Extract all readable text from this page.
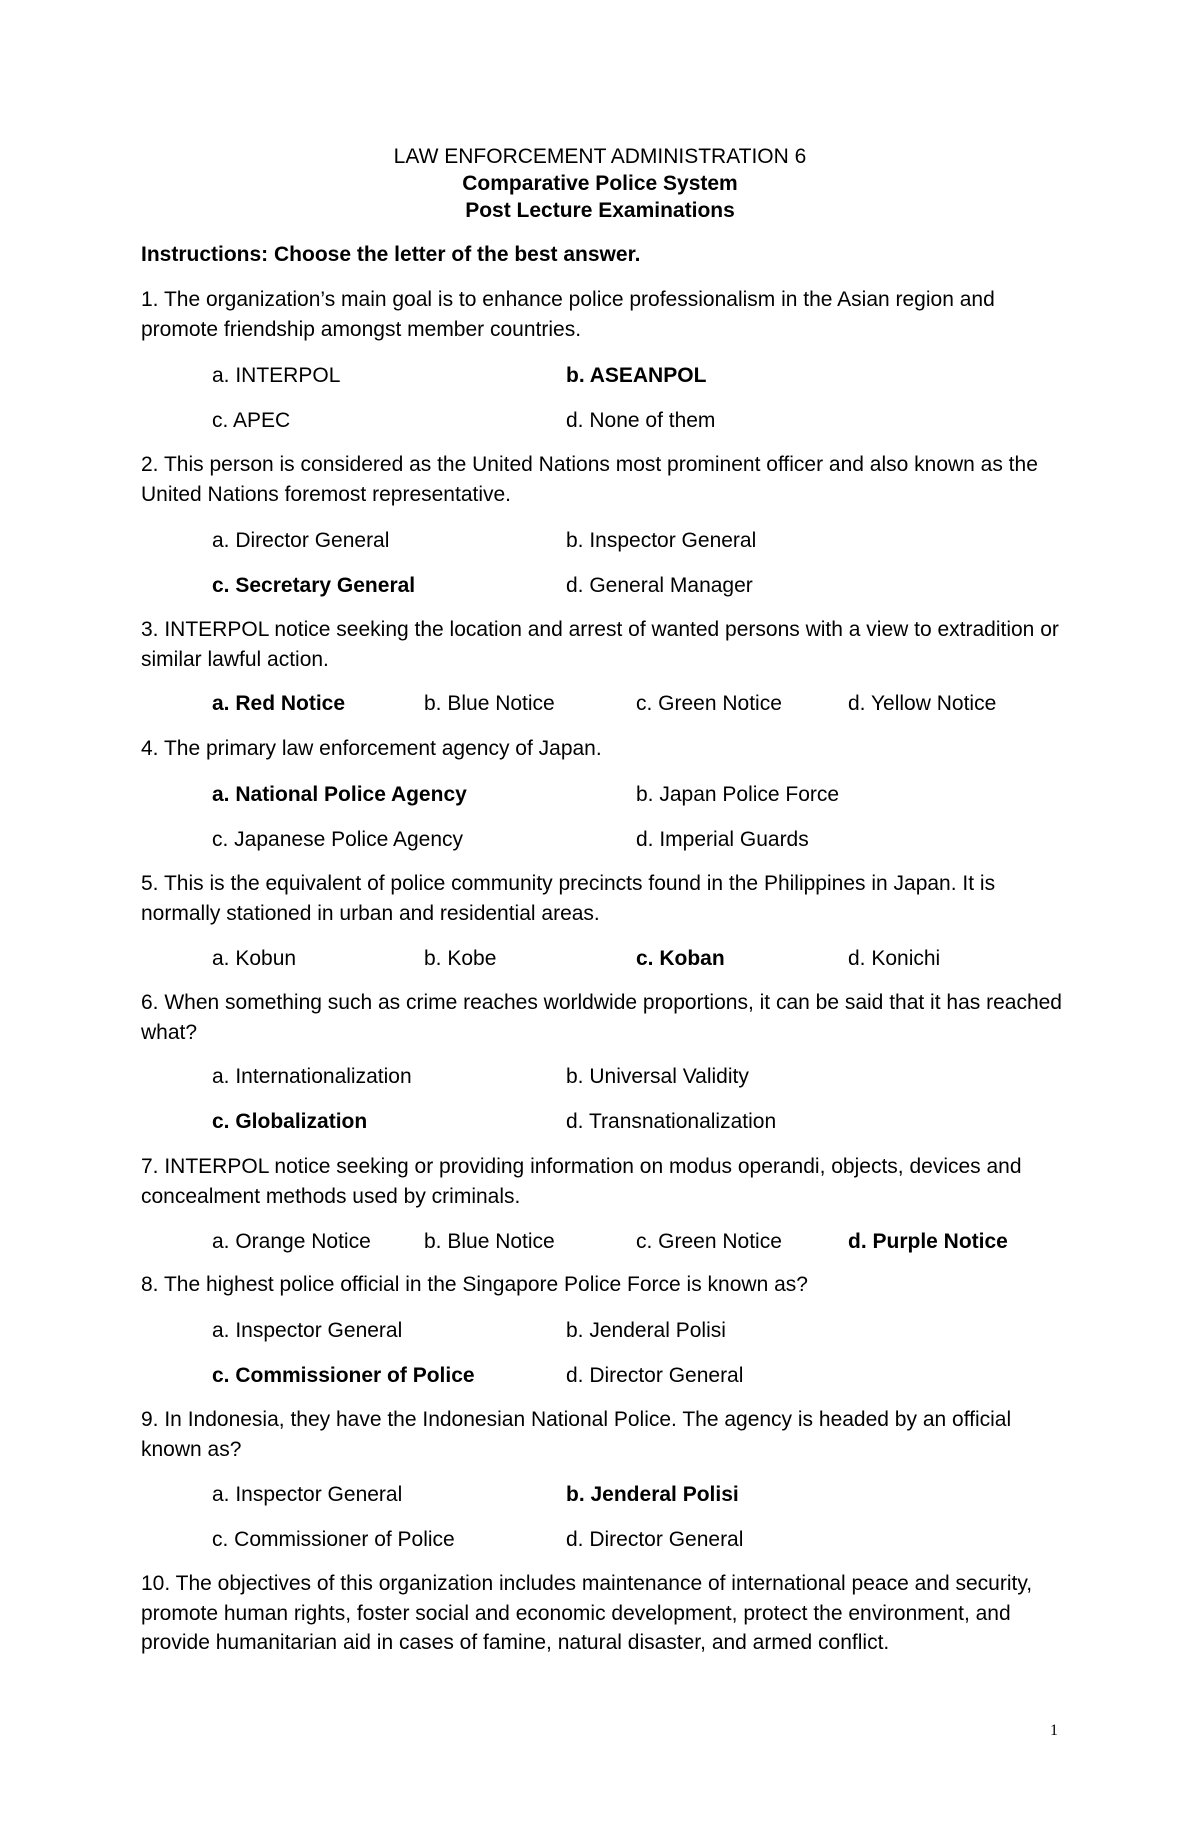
LAW ENFORCEMENT ADMINISTRATION 6
Comparative Police System
Post Lecture Examinations
Instructions: Choose the letter of the best answer.
1. The organization’s main goal is to enhance police professionalism in the Asian region and promote friendship amongst member countries.
a. INTERPOL	b. ASEANPOL
c. APEC	d. None of them
2. This person is considered as the United Nations most prominent officer and also known as the United Nations foremost representative.
a. Director General	b. Inspector General
c. Secretary General	d. General Manager
3. INTERPOL notice seeking the location and arrest of wanted persons with a view to extradition or similar lawful action.
a. Red Notice	b. Blue Notice	c. Green Notice	d. Yellow Notice
4. The primary law enforcement agency of Japan.
a. National Police Agency	b. Japan Police Force
c. Japanese Police Agency	d. Imperial Guards
5. This is the equivalent of police community precincts found in the Philippines in Japan. It is normally stationed in urban and residential areas.
a. Kobun	b. Kobe	c. Koban	d. Konichi
6. When something such as crime reaches worldwide proportions, it can be said that it has reached what?
a. Internationalization	b. Universal Validity
c. Globalization	d. Transnationalization
7. INTERPOL notice seeking or providing information on modus operandi, objects, devices and concealment methods used by criminals.
a. Orange Notice	b. Blue Notice	c. Green Notice	d. Purple Notice
8. The highest police official in the Singapore Police Force is known as?
a. Inspector General	b. Jenderal Polisi
c. Commissioner of Police	d. Director General
9. In Indonesia, they have the Indonesian National Police. The agency is headed by an official known as?
a. Inspector General	b. Jenderal Polisi
c. Commissioner of Police	d. Director General
10. The objectives of this organization includes maintenance of international peace and security, promote human rights, foster social and economic development, protect the environment, and provide humanitarian aid in cases of famine, natural disaster, and armed conflict.
1
